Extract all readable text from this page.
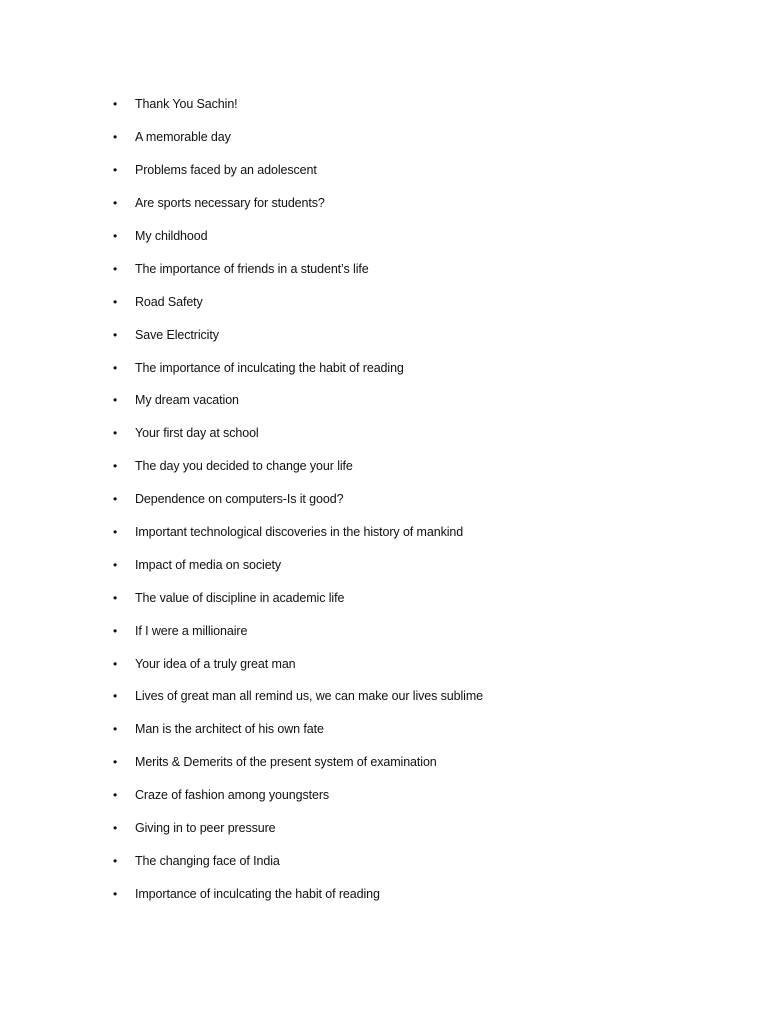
• Thank You Sachin!
• A memorable day
• Problems faced by an adolescent
• Are sports necessary for students?
• My childhood
• The importance of friends in a student’s life
• Road Safety
• Save Electricity
• The importance of inculcating the habit of reading
• My dream vacation
• Your first day at school
• The day you decided to change your life
• Dependence on computers-Is it good?
• Important technological discoveries in the history of mankind
• Impact of media on society
• The value of discipline in academic life
• If I were a millionaire
• Your idea of a truly great man
• Lives of great man all remind us, we can make our lives sublime
• Man is the architect of his own fate
• Merits & Demerits of the present system of examination
• Craze of fashion among youngsters
• Giving in to peer pressure
• The changing face of India
• Importance of inculcating the habit of reading
